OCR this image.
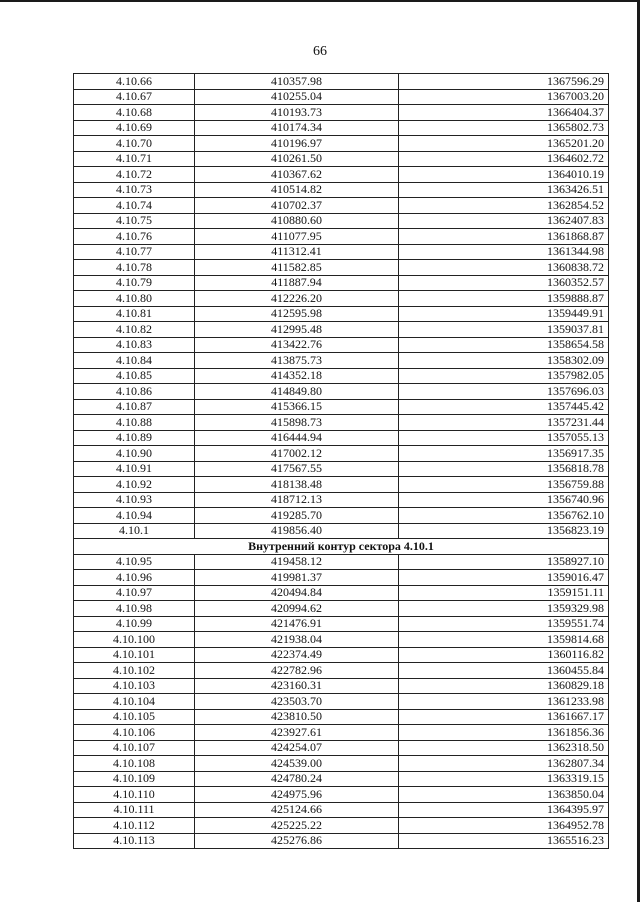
66
4.10.66	410357.98	1367596.29
4.10.67	410255.04	1367003.20
4.10.68	410193.73	1366404.37
4.10.69	410174.34	1365802.73
4.10.70	410196.97	1365201.20
4.10.71	410261.50	1364602.72
4.10.72	410367.62	1364010.19
4.10.73	410514.82	1363426.51
4.10.74	410702.37	1362854.52
4.10.75	410880.60	1362407.83
4.10.76	411077.95	1361868.87
4.10.77	411312.41	1361344.98
4.10.78	411582.85	1360838.72
4.10.79	411887.94	1360352.57
4.10.80	412226.20	1359888.87
4.10.81	412595.98	1359449.91
4.10.82	412995.48	1359037.81
4.10.83	413422.76	1358654.58
4.10.84	413875.73	1358302.09
4.10.85	414352.18	1357982.05
4.10.86	414849.80	1357696.03
4.10.87	415366.15	1357445.42
4.10.88	415898.73	1357231.44
4.10.89	416444.94	1357055.13
4.10.90	417002.12	1356917.35
4.10.91	417567.55	1356818.78
4.10.92	418138.48	1356759.88
4.10.93	418712.13	1356740.96
4.10.94	419285.70	1356762.10
4.10.1	419856.40	1356823.19
Внутренний контур сектора 4.10.1		
4.10.95	419458.12	1358927.10
4.10.96	419981.37	1359016.47
4.10.97	420494.84	1359151.11
4.10.98	420994.62	1359329.98
4.10.99	421476.91	1359551.74
4.10.100	421938.04	1359814.68
4.10.101	422374.49	1360116.82
4.10.102	422782.96	1360455.84
4.10.103	423160.31	1360829.18
4.10.104	423503.70	1361233.98
4.10.105	423810.50	1361667.17
4.10.106	423927.61	1361856.36
4.10.107	424254.07	1362318.50
4.10.108	424539.00	1362807.34
4.10.109	424780.24	1363319.15
4.10.110	424975.96	1363850.04
4.10.111	425124.66	1364395.97
4.10.112	425225.22	1364952.78
4.10.113	425276.86	1365516.23
